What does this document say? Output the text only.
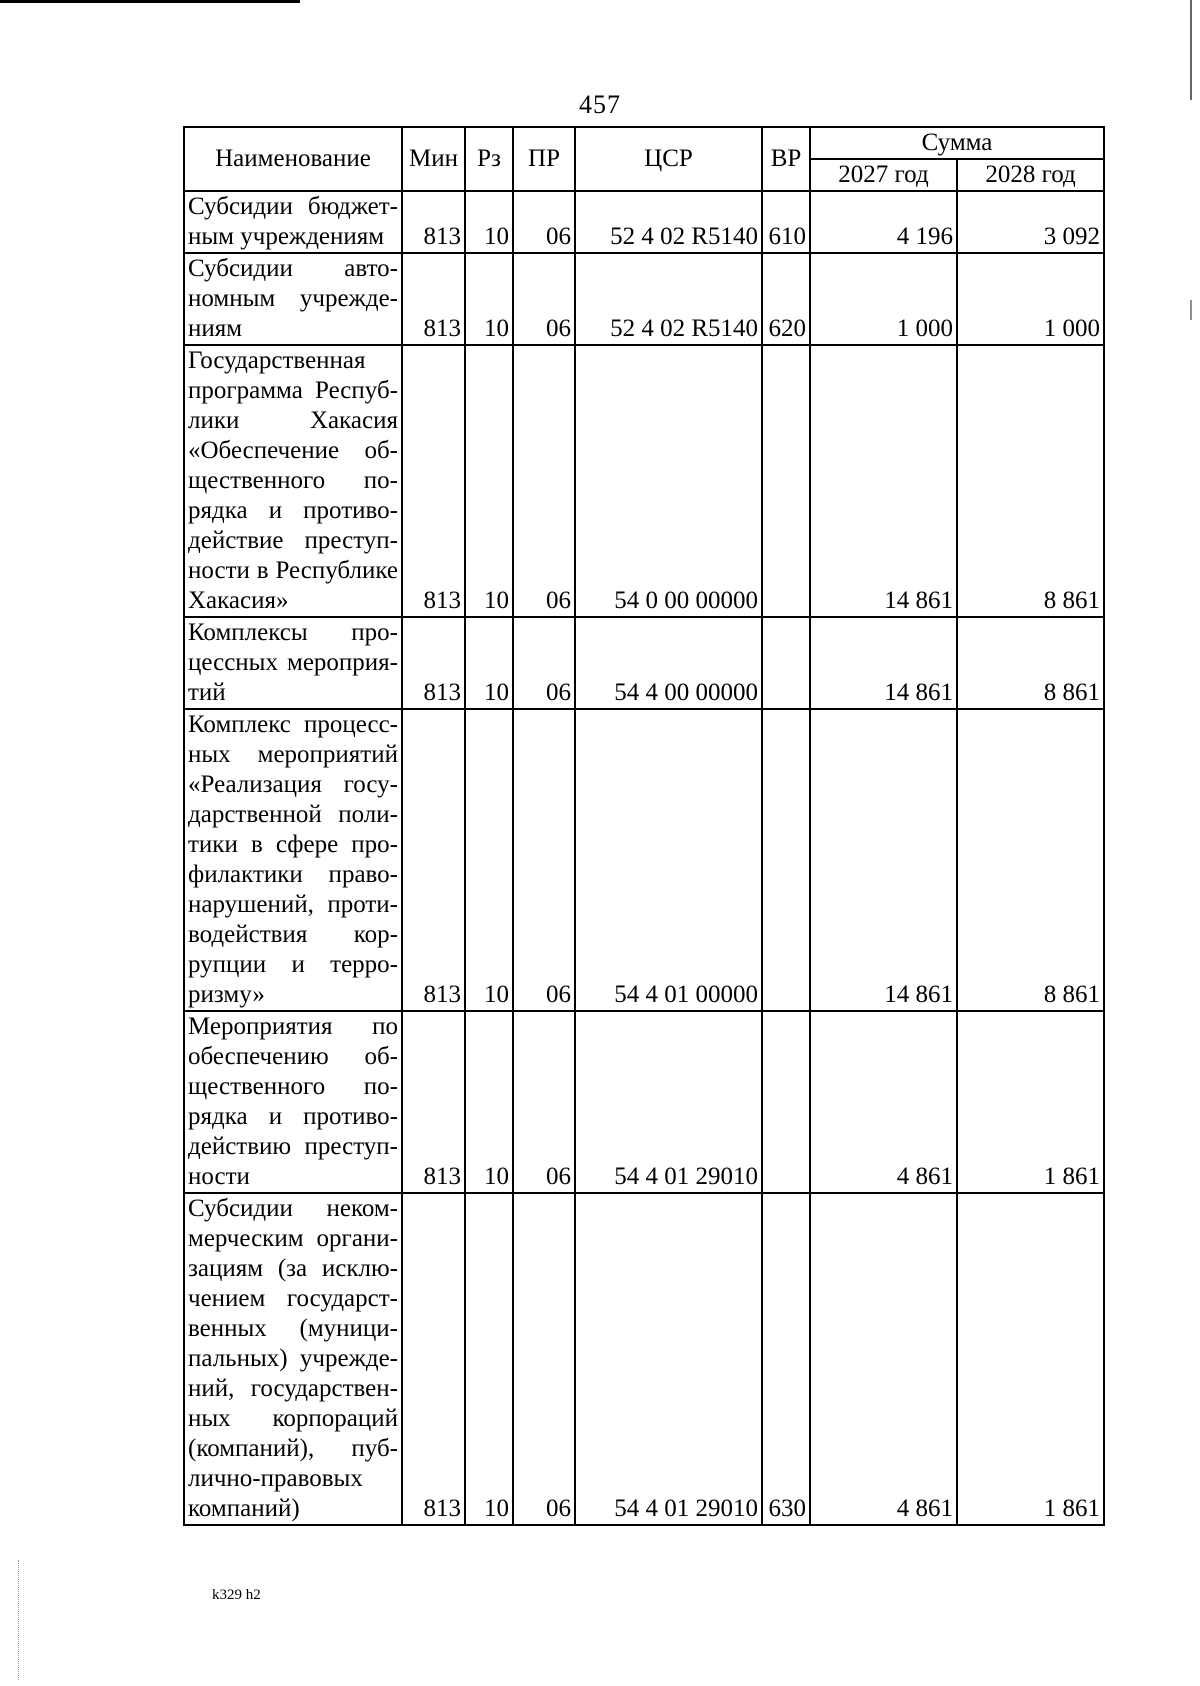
457
Наименование	Мин	Рз	ПР	ЦСР	ВР	Сумма	
						2027 год	2028 год
Субсидии бюджет-ным учреждениям	813	10	06	52 4 02 R5140	610	4 196	3 092
Субсидии авто-номным учрежде-ниям	813	10	06	52 4 02 R5140	620	1 000	1 000
Государственная программа Респуб-лики Хакасия «Обеспечение об-щественного по-рядка и противо-действие преступ-ности в Республике Хакасия»	813	10	06	54 0 00 00000		14 861	8 861
Комплексы про-цессных мероприя-тий	813	10	06	54 4 00 00000		14 861	8 861
Комплекс процесс-ных мероприятий «Реализация госу-дарственной поли-тики в сфере про-филактики право-нарушений, проти-водействия кор-рупции и терро-ризму»	813	10	06	54 4 01 00000		14 861	8 861
Мероприятия по обеспечению об-щественного по-рядка и противо-действию преступ-ности	813	10	06	54 4 01 29010		4 861	1 861
Субсидии неком-мерческим органи-зациям (за исклю-чением государст-венных (муници-пальных) учрежде-ний, государствен-ных корпораций (компаний), пуб-лично-правовых компаний)	813	10	06	54 4 01 29010	630	4 861	1 861
k329 h2
